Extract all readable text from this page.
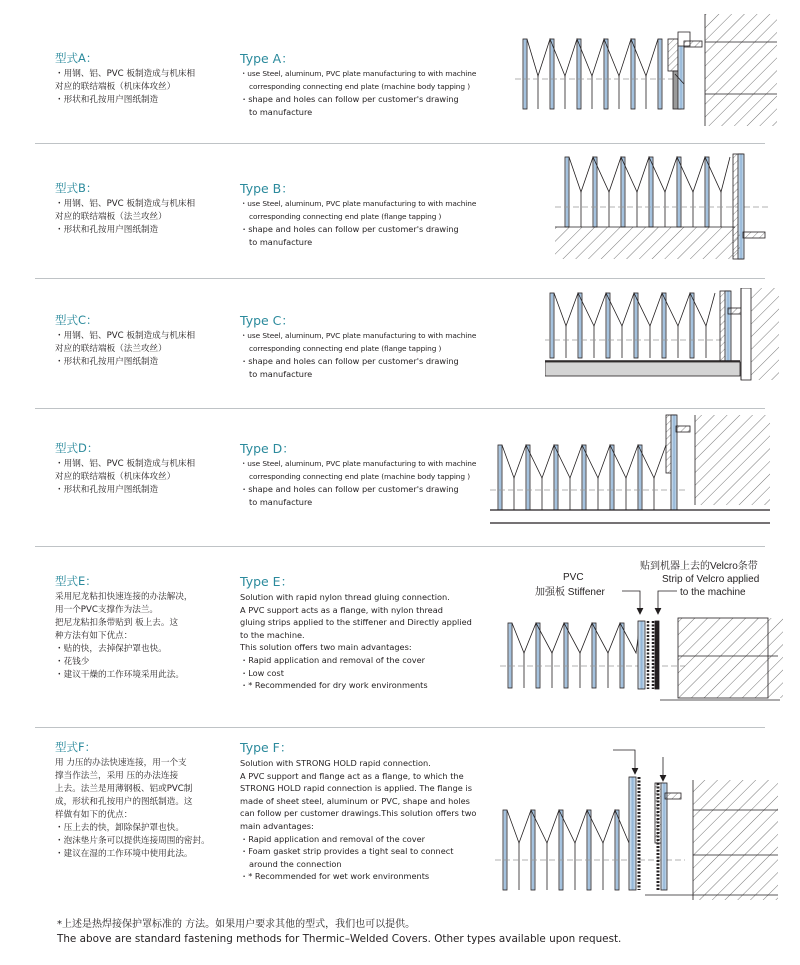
型式A：
・用钢、铝、PVC 板制造成与机床相
对应的联结端板（机床体攻丝）
・形状和孔按用户图纸制造
Type A：
・use Steel, aluminum, PVC plate manufacturing to with machine
corresponding connecting end plate (machine body tapping )
・shape and holes can follow per customer's drawing
to manufacture
型式B：
・用钢、铝、PVC 板制造成与机床相
对应的联结端板（法兰攻丝）
・形状和孔按用户图纸制造
Type B：
・use Steel, aluminum, PVC plate manufacturing to with machine
corresponding connecting end plate (flange tapping )
・shape and holes can follow per customer's drawing
to manufacture
型式C：
・用钢、铝、PVC 板制造成与机床相
对应的联结端板（法兰攻丝）
・形状和孔按用户图纸制造
Type C：
・use Steel, aluminum, PVC plate manufacturing to with machine
corresponding connecting end plate (flange tapping )
・shape and holes can follow per customer's drawing
to manufacture
型式D：
・用钢、铝、PVC 板制造成与机床相
对应的联结端板（机床体攻丝）
・形状和孔按用户图纸制造
Type D：
・use Steel, aluminum, PVC plate manufacturing to with machine
corresponding connecting end plate (machine body tapping )
・shape and holes can follow per customer's drawing
to manufacture
型式E：
采用尼龙粘扣快速连接的办法解决，
用一个PVC支撑作为法兰。
把尼龙粘扣条带贴到 板上去。这
种方法有如下优点：
・贴的快，去掉保护罩也快。
・花钱少
・建议干燥的工作环境采用此法。
Type E：
Solution with rapid nylon thread gluing connection.
A PVC support acts as a flange, with nylon thread
gluing strips applied to the stiffener and Directly applied
to the machine.
This solution offers two main advantages:
・Rapid application and removal of the cover
・Low cost
・* Recommended for dry work environments
PVC
加强板 Stiffener
贴到机器上去的Velcro条带
Strip of Velcro applied
to the machine
型式F：
用 力压的办法快速连接，用一个支
撑当作法兰，采用 压的办法连接
上去。法兰是用薄钢板、铝或PVC制
成，形状和孔按用户的图纸制造。这
样做有如下的优点：
・压上去的快，卸除保护罩也快。
・泡沫垫片条可以提供连接周围的密封。
・建议在湿的工作环境中使用此法。
Type F：
Solution with STRONG HOLD rapid connection.
A PVC support and flange act as a flange, to which the
STRONG HOLD rapid connection is applied. The flange is
made of sheet steel, aluminum or PVC, shape and holes
can follow per customer drawings.This solution offers two
main advantages:
・Rapid application and removal of the cover
・Foam gasket strip provides a tight seal to connect
around the connection
・* Recommended for wet work environments
*上述是热焊接保护罩标准的 方法。如果用户要求其他的型式，我们也可以提供。
The above are standard fastening methods for Thermic–Welded Covers. Other types available upon request.
